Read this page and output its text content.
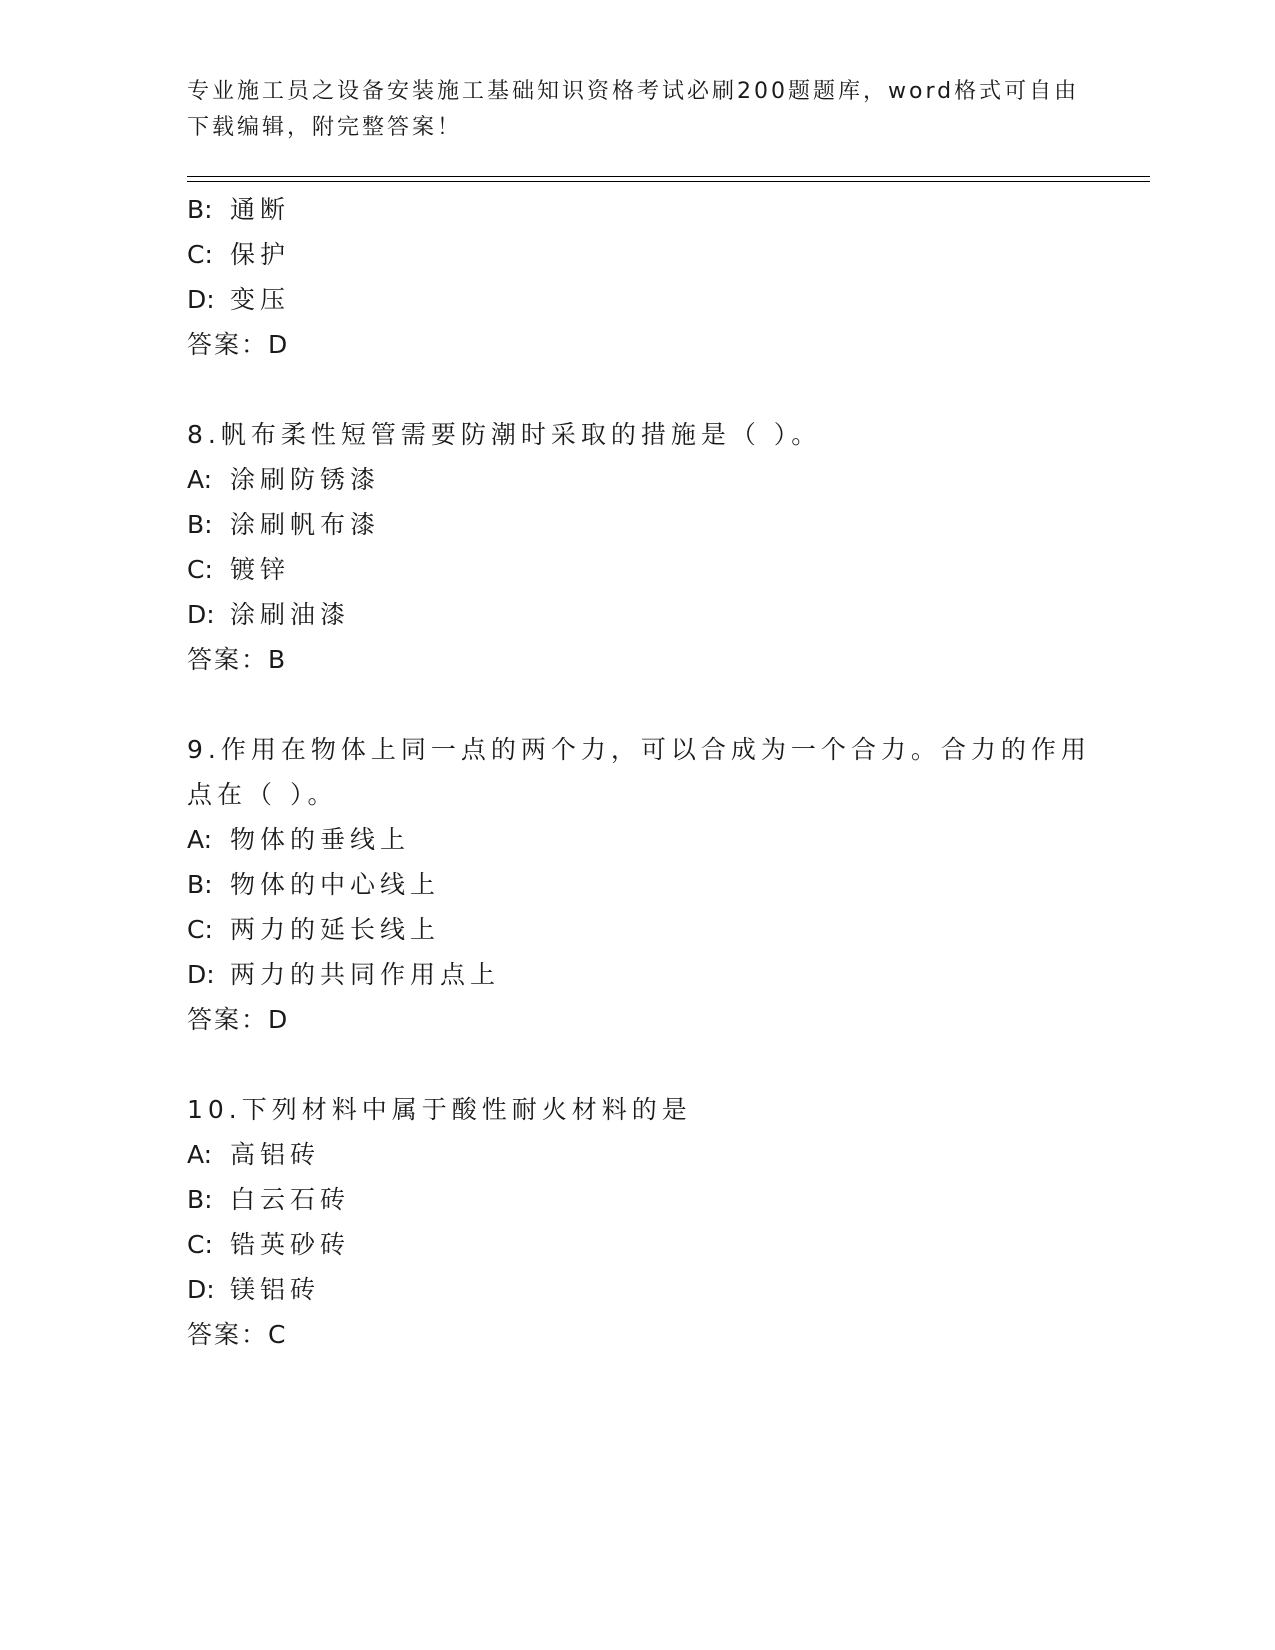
专业施工员之设备安装施工基础知识资格考试必刷200题题库，word格式可自由
下载编辑，附完整答案！
B: 通断
C: 保护
D: 变压
答案：D
8.帆布柔性短管需要防潮时采取的措施是（ ）。
A: 涂刷防锈漆
B: 涂刷帆布漆
C: 镀锌
D: 涂刷油漆
答案：B
9.作用在物体上同一点的两个力，可以合成为一个合力。合力的作用
点在（ ）。
A: 物体的垂线上
B: 物体的中心线上
C: 两力的延长线上
D: 两力的共同作用点上
答案：D
10.下列材料中属于酸性耐火材料的是
A: 高铝砖
B: 白云石砖
C: 锆英砂砖
D: 镁铝砖
答案：C
